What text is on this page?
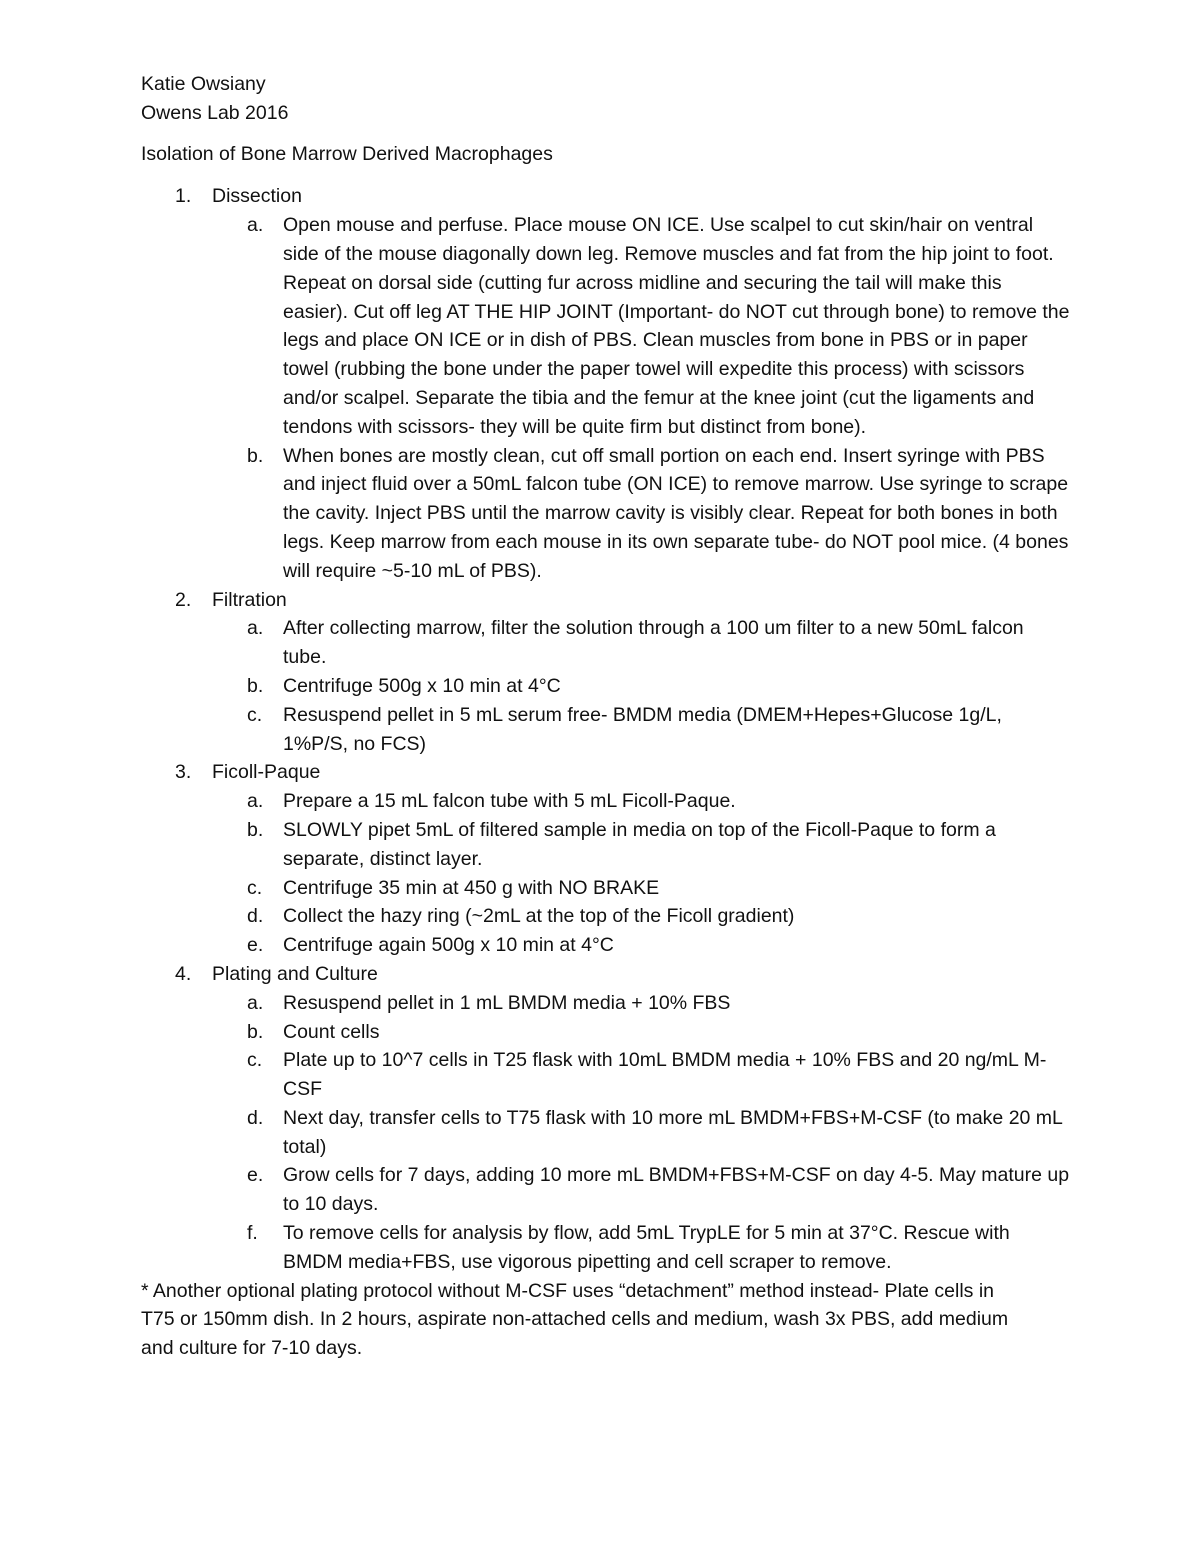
Katie Owsiany

Owens Lab 2016

Isolation of Bone Marrow Derived Macrophages

1.	Dissection
a.	Open mouse and perfuse. Place mouse ON ICE. Use scalpel to cut skin/hair on ventral side of the mouse diagonally down leg. Remove muscles and fat from the hip joint to foot. Repeat on dorsal side (cutting fur across midline and securing the tail will make this easier). Cut off leg AT THE HIP JOINT (Important- do NOT cut through bone) to remove the legs and place ON ICE or in dish of PBS. Clean muscles from bone in PBS or in paper towel (rubbing the bone under the paper towel will expedite this process) with scissors and/or scalpel. Separate the tibia and the femur at the knee joint (cut the ligaments and tendons with scissors- they will be quite firm but distinct from bone).
b.	When bones are mostly clean, cut off small portion on each end. Insert syringe with PBS and inject fluid over a 50mL falcon tube (ON ICE) to remove marrow. Use syringe to scrape the cavity. Inject PBS until the marrow cavity is visibly clear. Repeat for both bones in both legs. Keep marrow from each mouse in its own separate tube- do NOT pool mice. (4 bones will require ~5-10 mL of PBS).
2.	Filtration
a.	After collecting marrow, filter the solution through a 100 um filter to a new 50mL falcon tube.
b.	Centrifuge 500g x 10 min at 4°C
c.	Resuspend pellet in 5 mL serum free- BMDM media (DMEM+Hepes+Glucose 1g/L, 1%P/S, no FCS)
3.	Ficoll-Paque
a.	Prepare a 15 mL falcon tube with 5 mL Ficoll-Paque.
b.	SLOWLY pipet 5mL of filtered sample in media on top of the Ficoll-Paque to form a separate, distinct layer.
c.	Centrifuge 35 min at 450 g with NO BRAKE
d.	Collect the hazy ring (~2mL at the top of the Ficoll gradient)
e.	Centrifuge again 500g x 10 min at 4°C
4.	Plating and Culture
a.	Resuspend pellet in 1 mL BMDM media + 10% FBS
b.	Count cells
c.	Plate up to 10^7 cells in T25 flask with 10mL BMDM media + 10% FBS and 20 ng/mL M-CSF
d.	Next day, transfer cells to T75 flask with 10 more mL BMDM+FBS+M-CSF (to make 20 mL total)
e.	Grow cells for 7 days, adding 10 more mL BMDM+FBS+M-CSF on day 4-5. May mature up to 10 days.
f.	To remove cells for analysis by flow, add 5mL TrypLE for 5 min at 37°C. Rescue with BMDM media+FBS, use vigorous pipetting and cell scraper to remove.

* Another optional plating protocol without M-CSF uses “detachment” method instead- Plate cells in T75 or 150mm dish. In 2 hours, aspirate non-attached cells and medium, wash 3x PBS, add medium and culture for 7-10 days.
